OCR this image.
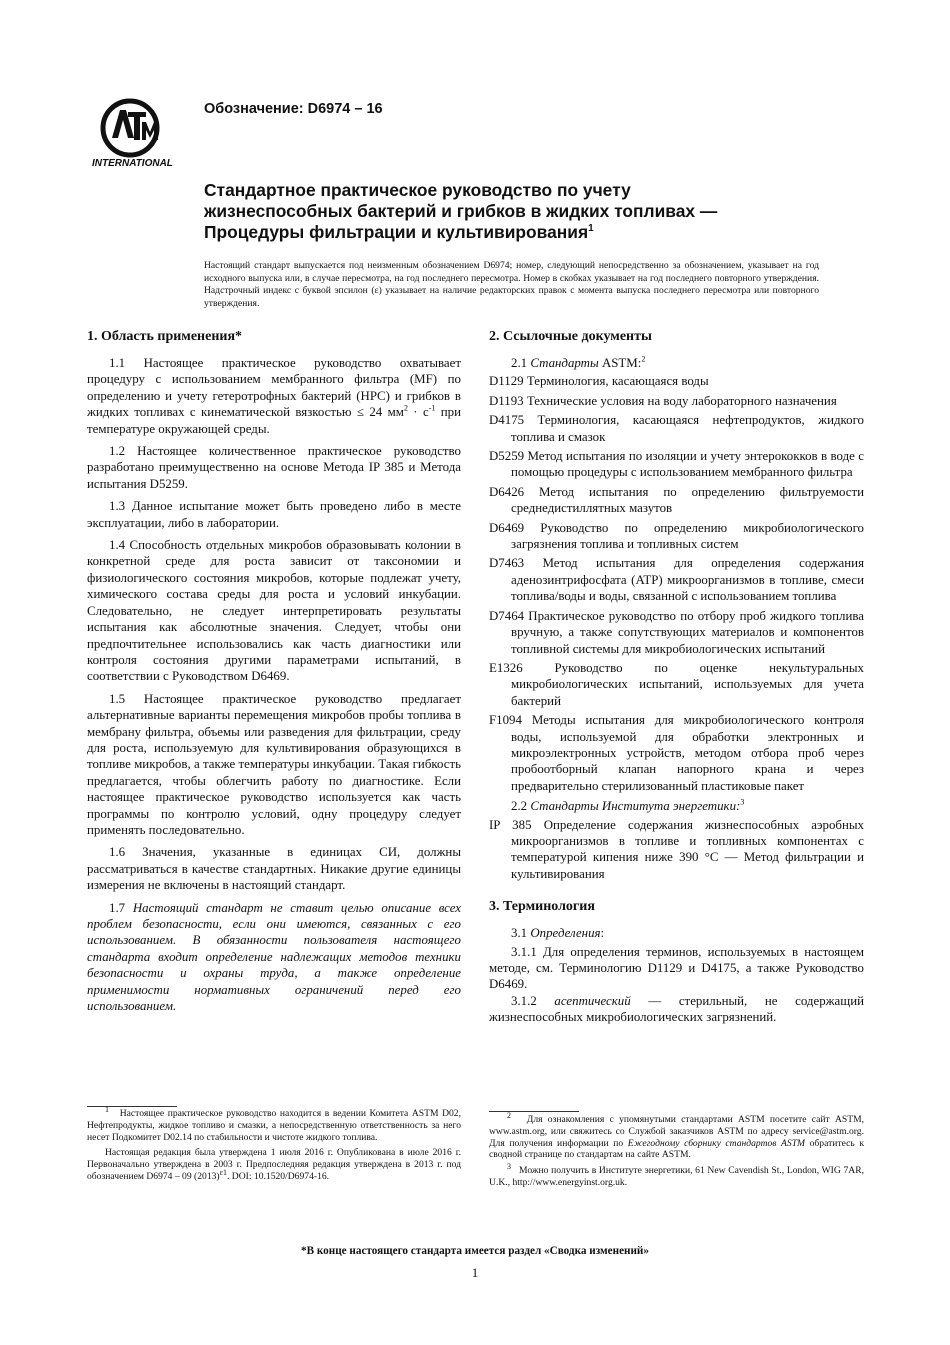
INTERNATIONAL
Обозначение: D6974 – 16
Стандартное практическое руководство по учету
жизнеспособных бактерий и грибков в жидких топливах —
Процедуры фильтрации и культивирования$^1$
Настоящий стандарт выпускается под неизменным обозначением D6974; номер, следующий непосредственно за обозначением, указывает на год исходного выпуска или, в случае пересмотра, на год последнего пересмотра. Номер в скобках указывает на год последнего повторного утверждения. Надстрочный индекс с буквой эпсилон (ε) указывает на наличие редакторских правок с момента выпуска последнего пересмотра или повторного утверждения.
1. Область применения*

1.1 Настоящее практическое руководство охватывает процедуру с использованием мембранного фильтра (MF) по определению и учету гетеротрофных бактерий (HPC) и грибков в жидких топливах с кинематической вязкостью ≤ 24 $мм^2 \cdot с^{-1}$ при температуре окружающей среды.

1.2 Настоящее количественное практическое руководство разработано преимущественно на основе Метода IP 385 и Метода испытания D5259.

1.3 Данное испытание может быть проведено либо в месте эксплуатации, либо в лаборатории.

1.4 Способность отдельных микробов образовывать колонии в конкретной среде для роста зависит от таксономии и физиологического состояния микробов, которые подлежат учету, химического состава среды для роста и условий инкубации. Следовательно, не следует интерпретировать результаты испытания как абсолютные значения. Следует, чтобы они предпочтительнее использовались как часть диагностики или контроля состояния другими параметрами испытаний, в соответствии с Руководством D6469.

1.5 Настоящее практическое руководство предлагает альтернативные варианты перемещения микробов пробы топлива в мембрану фильтра, объемы или разведения для фильтрации, среду для роста, используемую для культивирования образующихся в топливе микробов, а также температуры инкубации. Такая гибкость предлагается, чтобы облегчить работу по диагностике. Если настоящее практическое руководство используется как часть программы по контролю условий, одну процедуру следует применять последовательно.

1.6 Значения, указанные в единицах СИ, должны рассматриваться в качестве стандартных. Никакие другие единицы измерения не включены в настоящий стандарт.

1.7 Настоящий стандарт не ставит целью описание всех проблем безопасности, если они имеются, связанных с его использованием. В обязанности пользователя настоящего стандарта входит определение надлежащих методов техники безопасности и охраны труда, а также определение применимости нормативных ограничений перед его использованием.

2. Ссылочные документы

2.1 Стандарты ASTM:$^2$

D1129 Терминология, касающаяся воды
D1193 Технические условия на воду лабораторного назначения
D4175 Терминология, касающаяся нефтепродуктов, жидкого топлива и смазок
D5259 Метод испытания по изоляции и учету энтерококков в воде с помощью процедуры с использованием мембранного фильтра
D6426 Метод испытания по определению фильтруемости среднедистиллятных мазутов
D6469 Руководство по определению микробиологического загрязнения топлива и топливных систем
D7463 Метод испытания для определения содержания аденозинтрифосфата (ATP) микроорганизмов в топливе, смеси топлива/воды и воды, связанной с использованием топлива
D7464 Практическое руководство по отбору проб жидкого топлива вручную, а также сопутствующих материалов и компонентов топливной системы для микробиологических испытаний
E1326 Руководство по оценке некультуральных микробиологических испытаний, используемых для учета бактерий
F1094 Методы испытания для микробиологического контроля воды, используемой для обработки электронных и микроэлектронных устройств, методом отбора проб через пробоотборный клапан напорного крана и через предварительно стерилизованный пластиковые пакет

2.2 Стандарты Института энергетики:$^3$

IP 385 Определение содержания жизнеспособных аэробных микроорганизмов в топливе и топливных компонентах с температурой кипения ниже 390 °C — Метод фильтрации и культивирования
3. Терминология

3.1 Определения:

3.1.1 Для определения терминов, используемых в настоящем методе, см. Терминологию D1129 и D4175, а также Руководство D6469.

3.1.2 асептический — стерильный, не содержащий жизнеспособных микробиологических загрязнений.

$^1$ Настоящее практическое руководство находится в ведении Комитета ASTM D02, Нефтепродукты, жидкое топливо и смазки, а непосредственную ответственность за него несет Подкомитет D02.14 по стабильности и чистоте жидкого топлива.

Настоящая редакция была утверждена 1 июля 2016 г. Опубликована в июле 2016 г. Первоначально утверждена в 2003 г. Предпоследняя редакция утверждена в 2013 г. под обозначением D6974 – 09 $(2013)^{\varepsilon 1}$. DOI: 10.1520/D6974-16.

$^2$ Для ознакомления с упомянутыми стандартами ASTM посетите сайт ASTM, www.astm.org, или свяжитесь со Службой заказчиков ASTM по адресу service@astm.org. Для получения информации по Ежегодному сборнику стандартов ASTM обратитесь к сводной странице по стандартам на сайте ASTM.

$^3$ Можно получить в Институте энергетики, 61 New Cavendish St., London, WIG 7AR, U.K., http://www.energyinst.org.uk.

*В конце настоящего стандарта имеется раздел «Сводка изменений»
1
